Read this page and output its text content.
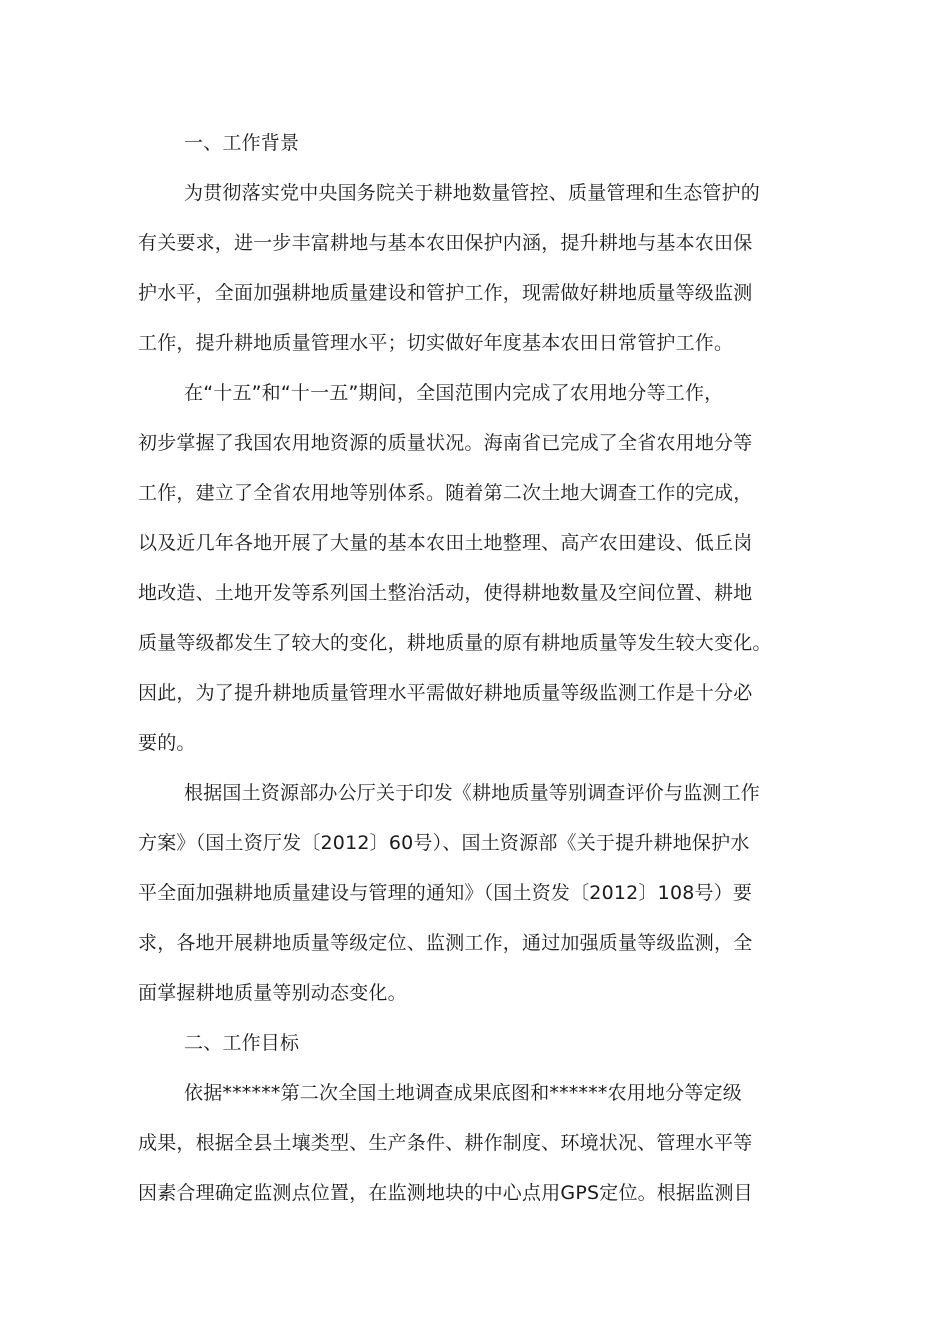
一、工作背景
为贯彻落实党中央国务院关于耕地数量管控、质量管理和生态管护的
有关要求，进一步丰富耕地与基本农田保护内涵，提升耕地与基本农田保
护水平，全面加强耕地质量建设和管护工作，现需做好耕地质量等级监测
工作，提升耕地质量管理水平；切实做好年度基本农田日常管护工作。
在“十五”和“十一五”期间，全国范围内完成了农用地分等工作，
初步掌握了我国农用地资源的质量状况。海南省已完成了全省农用地分等
工作，建立了全省农用地等别体系。随着第二次土地大调查工作的完成，
以及近几年各地开展了大量的基本农田土地整理、高产农田建设、低丘岗
地改造、土地开发等系列国土整治活动，使得耕地数量及空间位置、耕地
质量等级都发生了较大的变化，耕地质量的原有耕地质量等发生较大变化。
因此，为了提升耕地质量管理水平需做好耕地质量等级监测工作是十分必
要的。
根据国土资源部办公厅关于印发《耕地质量等别调查评价与监测工作
方案》（国土资厅发〔2012〕60号）、国土资源部《关于提升耕地保护水
平全面加强耕地质量建设与管理的通知》（国土资发〔2012〕108号）要
求，各地开展耕地质量等级定位、监测工作，通过加强质量等级监测，全
面掌握耕地质量等别动态变化。
二、工作目标
依据******第二次全国土地调查成果底图和******农用地分等定级
成果，根据全县土壤类型、生产条件、耕作制度、环境状况、管理水平等
因素合理确定监测点位置，在监测地块的中心点用GPS定位。根据监测目
